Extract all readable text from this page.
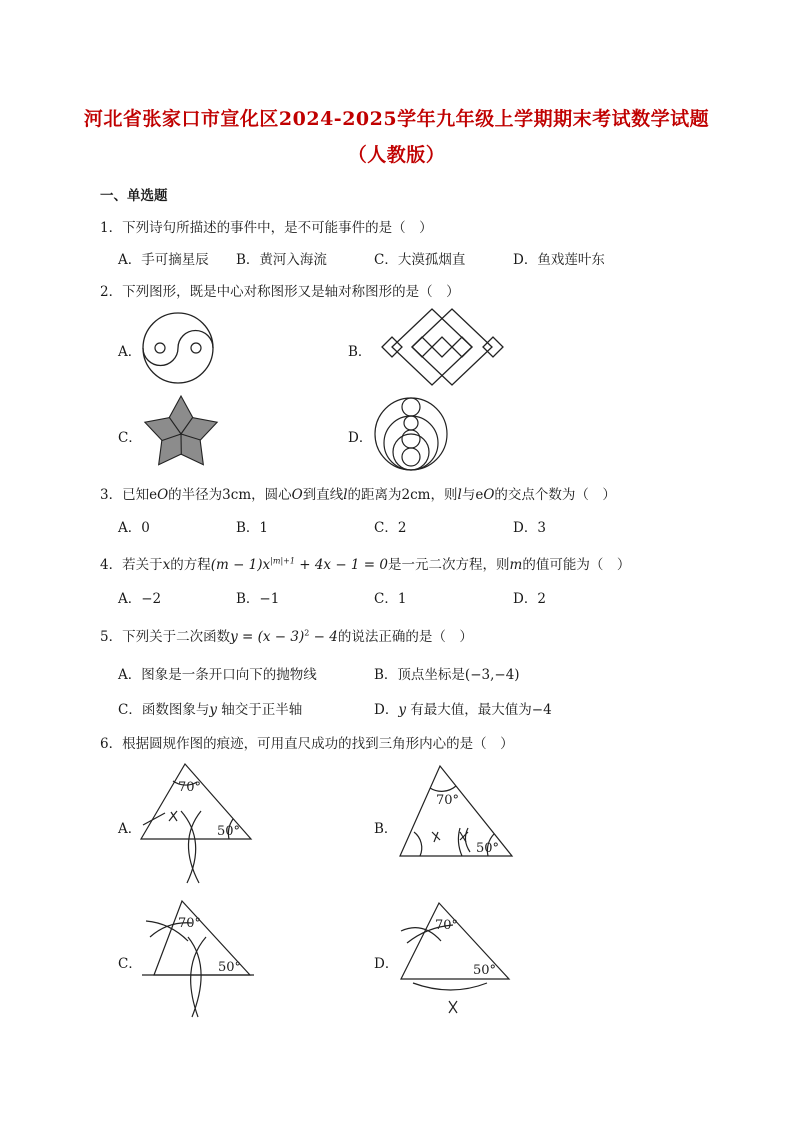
河北省张家口市宣化区2024-2025学年九年级上学期期末考试数学试题
（人教版）
一、单选题
1．下列诗句所描述的事件中，是不可能事件的是（　）
A．手可摘星辰 B．黄河入海流	C．大漠孤烟直	D．鱼戏莲叶东
2．下列图形，既是中心对称图形又是轴对称图形的是（　）
A．	B．
C．	D．
3．已知eO的半径为3cm，圆心O到直线l的距离为2cm，则l与eO的交点个数为（　）
A．0	B．1	C．2	D．3
4．若关于x的方程$(m - 1)x^{|m|+1} + 4x - 1 = 0$是一元二次方程，则m的值可能为（　）
A．−2	B．−1	C．1	D．2
5．下列关于二次函数$y = (x - 3)^2 - 4$的说法正确的是（　）
A．图象是一条开口向下的抛物线	B．顶点坐标是(−3,−4)
C．函数图象与y 轴交于正半轴	D．y 有最大值，最大值为−4
6．根据圆规作图的痕迹，可用直尺成功的找到三角形内心的是（　）
A．	B．
C．	D．
70°
50°
70°
50°
70°
50°
70°
50°
